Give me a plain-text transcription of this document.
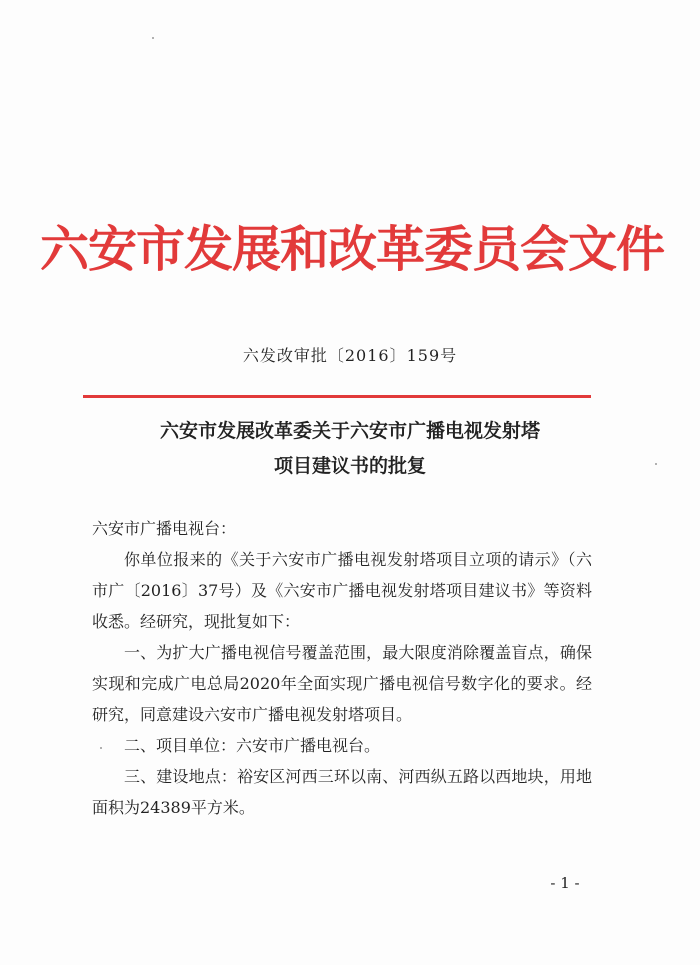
六安市发展和改革委员会文件
六发改审批〔2016〕159号
六安市发展改革委关于六安市广播电视发射塔
项目建议书的批复

六安市广播电视台：

你单位报来的《关于六安市广播电视发射塔项目立项的请示》（六市广〔2016〕37号）及《六安市广播电视发射塔项目建议书》等资料收悉。经研究，现批复如下：

一、为扩大广播电视信号覆盖范围，最大限度消除覆盖盲点，确保实现和完成广电总局2020年全面实现广播电视信号数字化的要求。经研究，同意建设六安市广播电视发射塔项目。

二、项目单位：六安市广播电视台。

三、建设地点：裕安区河西三环以南、河西纵五路以西地块，用地面积为24389平方米。

- 1 -
